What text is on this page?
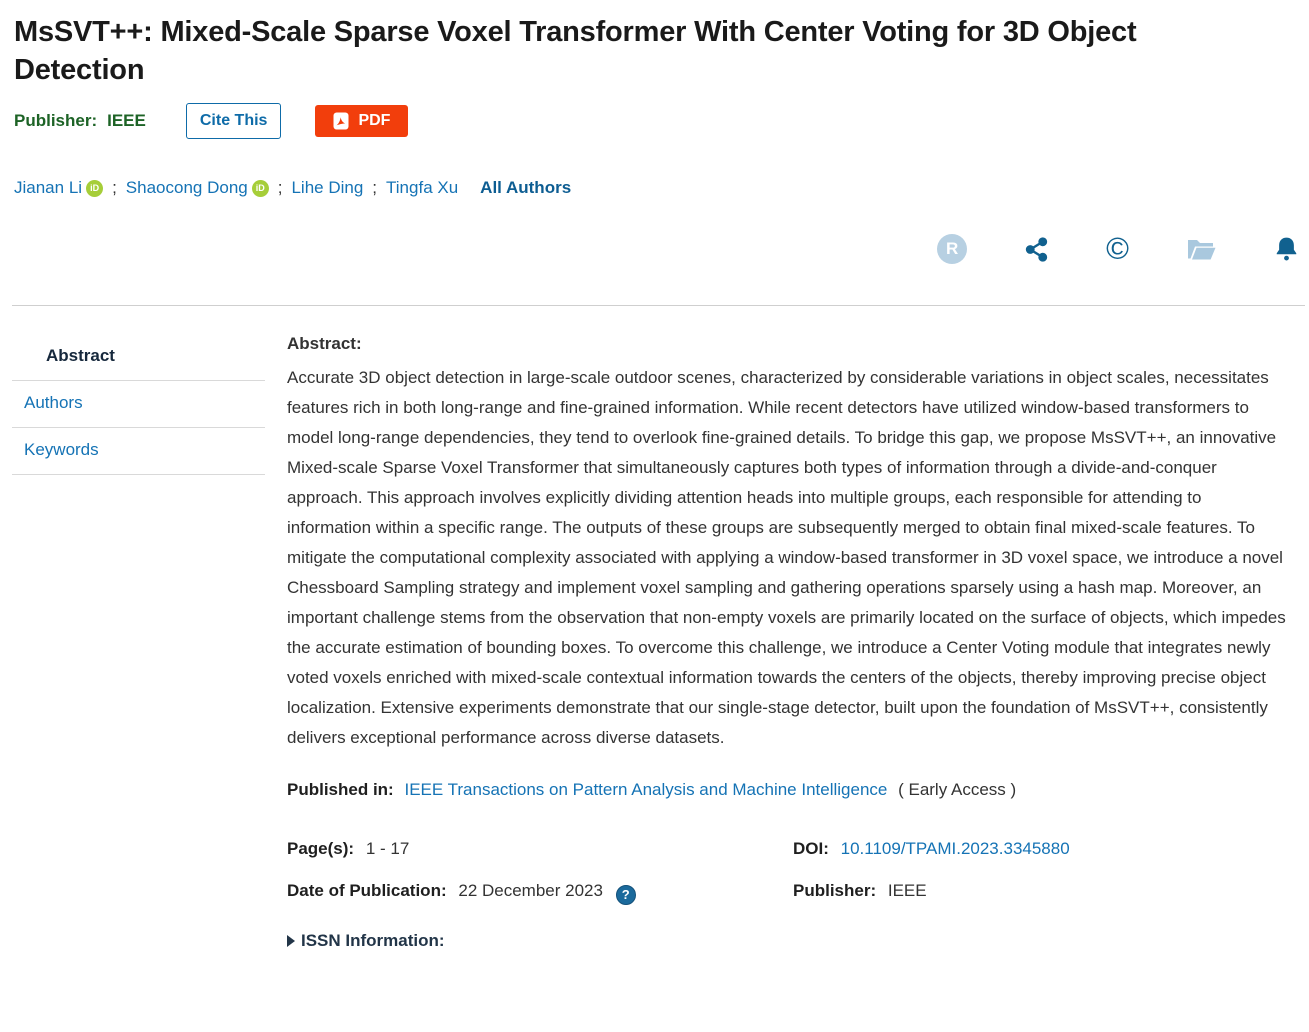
MsSVT++: Mixed-Scale Sparse Voxel Transformer With Center Voting for 3D Object Detection
Publisher: IEEE	Cite This	PDF
Jianan Li iD ; Shaocong Dong iD ; Lihe Ding ; Tingfa Xu All Authors
R	©
Abstract
Authors
Keywords
Abstract:

Accurate 3D object detection in large-scale outdoor scenes, characterized by considerable variations in object scales, necessitates features rich in both long-range and fine-grained information. While recent detectors have utilized window-based transformers to model long-range dependencies, they tend to overlook fine-grained details. To bridge this gap, we propose MsSVT++, an innovative Mixed-scale Sparse Voxel Transformer that simultaneously captures both types of information through a divide-and-conquer approach. This approach involves explicitly dividing attention heads into multiple groups, each responsible for attending to information within a specific range. The outputs of these groups are subsequently merged to obtain final mixed-scale features. To mitigate the computational complexity associated with applying a window-based transformer in 3D voxel space, we introduce a novel Chessboard Sampling strategy and implement voxel sampling and gathering operations sparsely using a hash map. Moreover, an important challenge stems from the observation that non-empty voxels are primarily located on the surface of objects, which impedes the accurate estimation of bounding boxes. To overcome this challenge, we introduce a Center Voting module that integrates newly voted voxels enriched with mixed-scale contextual information towards the centers of the objects, thereby improving precise object localization. Extensive experiments demonstrate that our single-stage detector, built upon the foundation of MsSVT++, consistently delivers exceptional performance across diverse datasets.

Published in: IEEE Transactions on Pattern Analysis and Machine Intelligence ( Early Access )
Page(s): 1 - 17	DOI: 10.1109/TPAMI.2023.3345880
Date of Publication: 22 December 2023 ?	Publisher: IEEE
ISSN Information:
